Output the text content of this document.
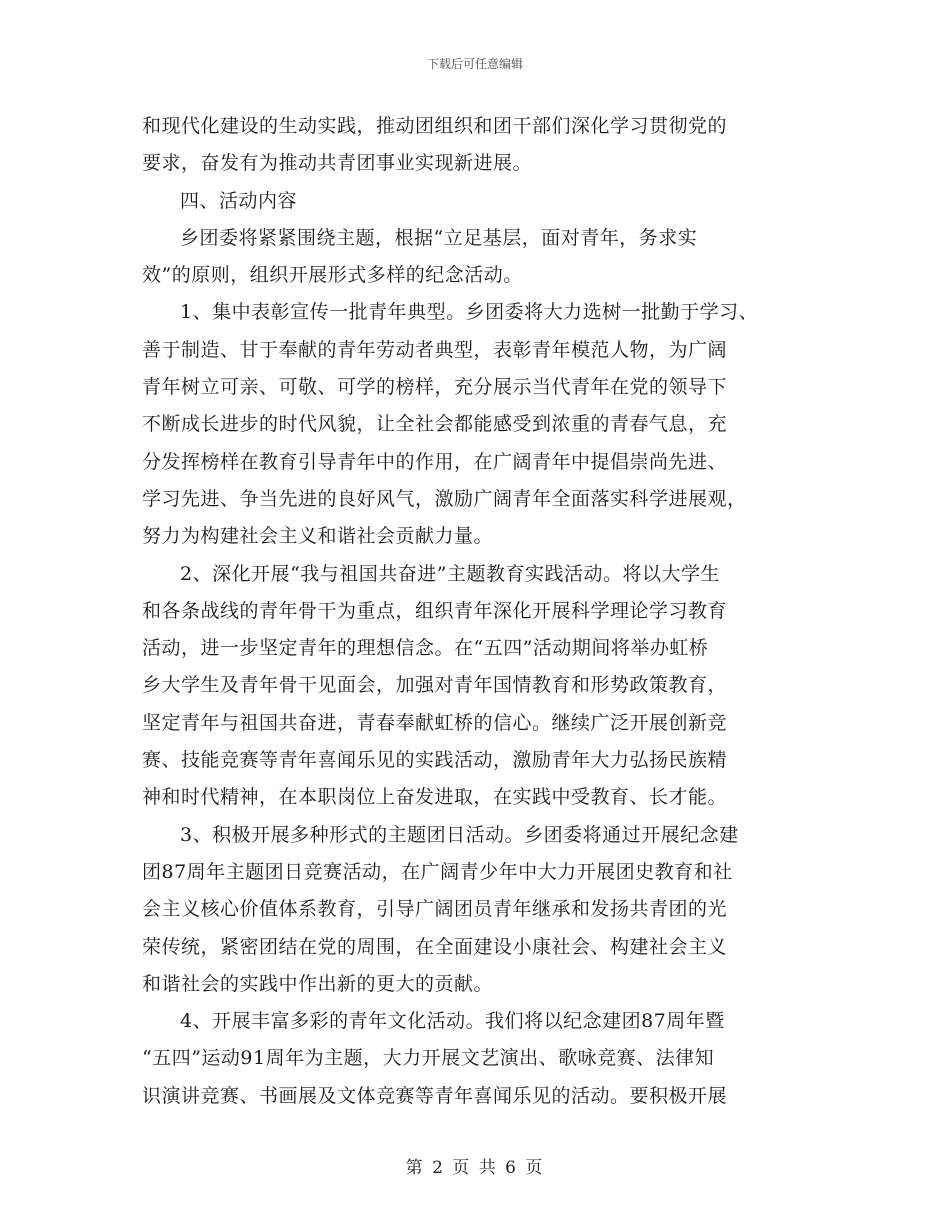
下载后可任意编辑
和现代化建设的生动实践，推动团组织和团干部们深化学习贯彻党的
要求，奋发有为推动共青团事业实现新进展。
四、活动内容
乡团委将紧紧围绕主题，根据“立足基层，面对青年，务求实
效”的原则，组织开展形式多样的纪念活动。
1、集中表彰宣传一批青年典型。乡团委将大力选树一批勤于学习、
善于制造、甘于奉献的青年劳动者典型，表彰青年模范人物，为广阔
青年树立可亲、可敬、可学的榜样，充分展示当代青年在党的领导下
不断成长进步的时代风貌，让全社会都能感受到浓重的青春气息，充
分发挥榜样在教育引导青年中的作用，在广阔青年中提倡崇尚先进、
学习先进、争当先进的良好风气，激励广阔青年全面落实科学进展观，
努力为构建社会主义和谐社会贡献力量。
2、深化开展“我与祖国共奋进”主题教育实践活动。将以大学生
和各条战线的青年骨干为重点，组织青年深化开展科学理论学习教育
活动，进一步坚定青年的理想信念。在“五四”活动期间将举办虹桥
乡大学生及青年骨干见面会，加强对青年国情教育和形势政策教育，
坚定青年与祖国共奋进，青春奉献虹桥的信心。继续广泛开展创新竞
赛、技能竞赛等青年喜闻乐见的实践活动，激励青年大力弘扬民族精
神和时代精神，在本职岗位上奋发进取，在实践中受教育、长才能。
3、积极开展多种形式的主题团日活动。乡团委将通过开展纪念建
团87周年主题团日竞赛活动，在广阔青少年中大力开展团史教育和社
会主义核心价值体系教育，引导广阔团员青年继承和发扬共青团的光
荣传统，紧密团结在党的周围，在全面建设小康社会、构建社会主义
和谐社会的实践中作出新的更大的贡献。
4、开展丰富多彩的青年文化活动。我们将以纪念建团87周年暨
“五四”运动91周年为主题，大力开展文艺演出、歌咏竞赛、法律知
识演讲竞赛、书画展及文体竞赛等青年喜闻乐见的活动。要积极开展
第 2 页 共 6 页
